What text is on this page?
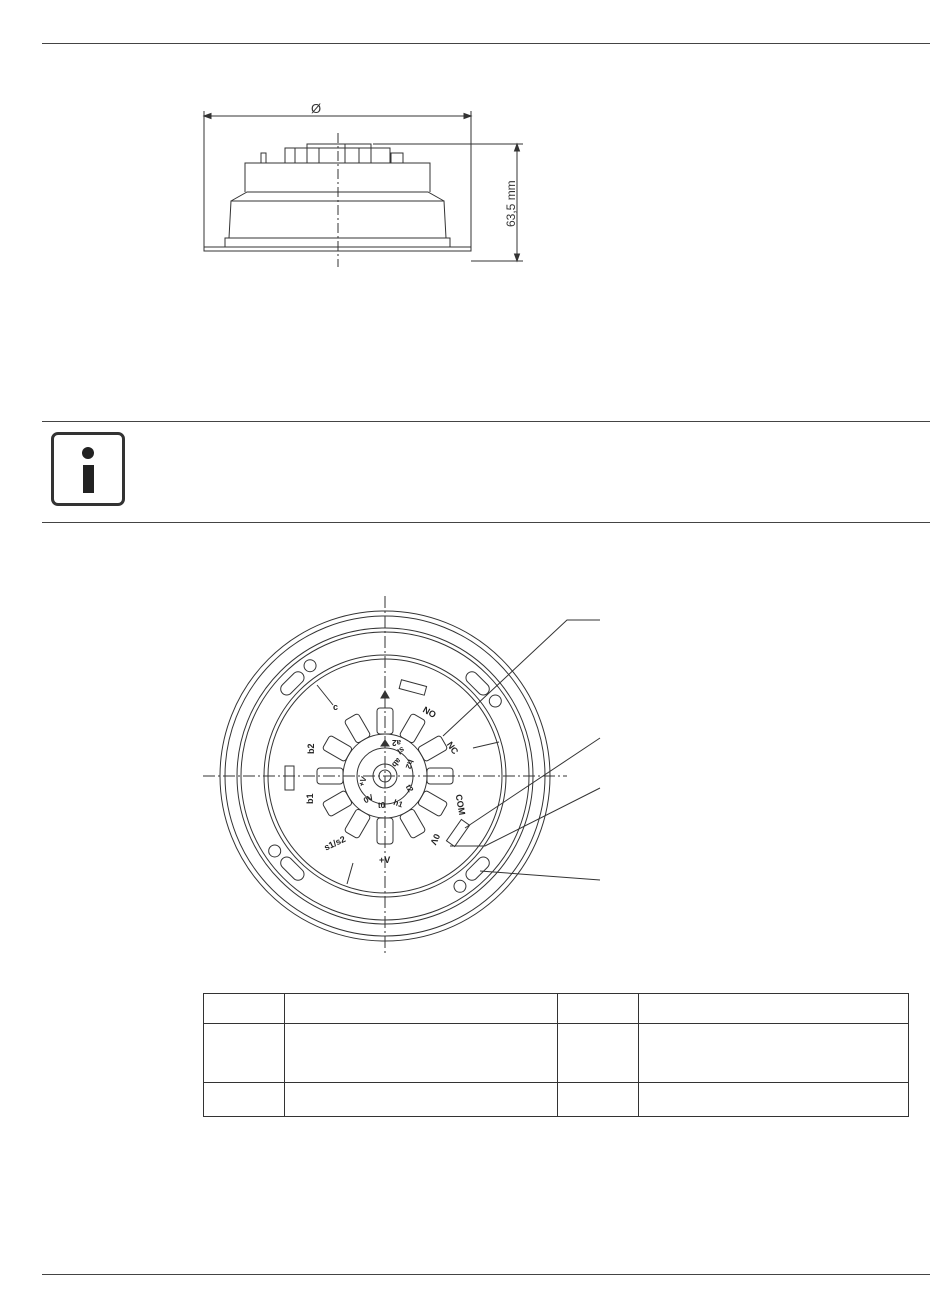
Ø
63,5 mm
NO
NC
COM
0V
+V
s1/s2
b1
b2
c
+V
0V
t0 h1
t2
h2
sl
ab
a2
